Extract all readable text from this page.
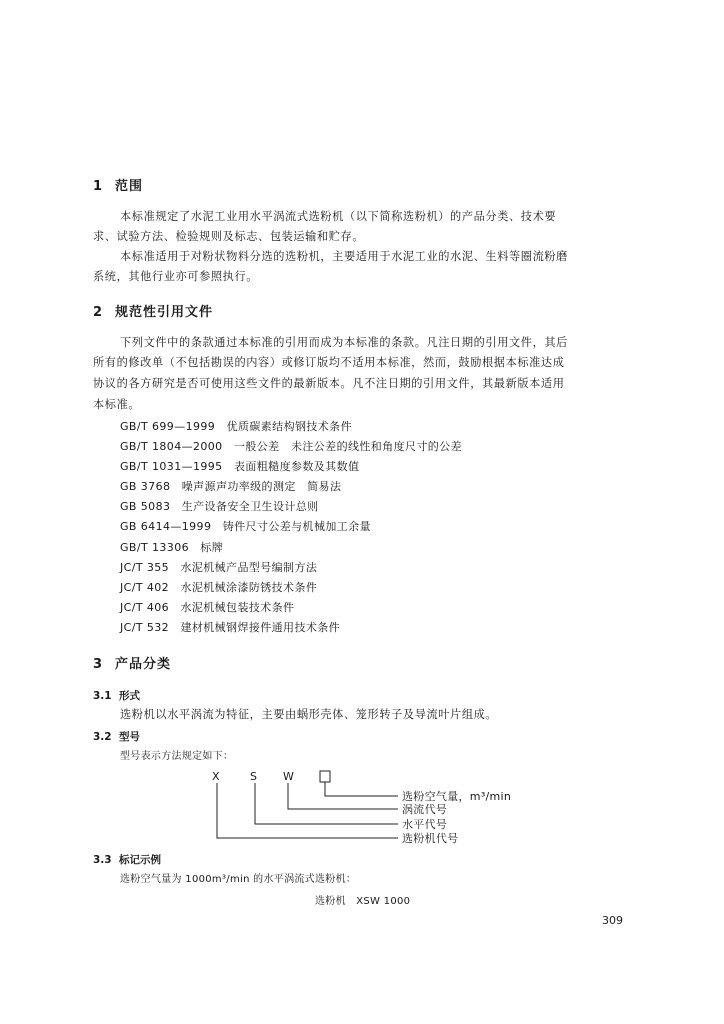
1 范围
本标准规定了水泥工业用水平涡流式选粉机（以下简称选粉机）的产品分类、技术要
求、试验方法、检验规则及标志、包装运输和贮存。
本标准适用于对粉状物料分选的选粉机，主要适用于水泥工业的水泥、生料等圈流粉磨
系统，其他行业亦可参照执行。
2 规范性引用文件
下列文件中的条款通过本标准的引用而成为本标准的条款。凡注日期的引用文件，其后
所有的修改单（不包括勘误的内容）或修订版均不适用本标准，然而，鼓励根据本标准达成
协议的各方研究是否可使用这些文件的最新版本。凡不注日期的引用文件，其最新版本适用
本标准。
GB/T 699—1999　优质碳素结构钢技术条件
GB/T 1804—2000　一般公差　未注公差的线性和角度尺寸的公差
GB/T 1031—1995　表面粗糙度参数及其数值
GB 3768　噪声源声功率级的测定　简易法
GB 5083　生产设备安全卫生设计总则
GB 6414—1999　铸件尺寸公差与机械加工余量
GB/T 13306　标牌
JC/T 355　水泥机械产品型号编制方法
JC/T 402　水泥机械涂漆防锈技术条件
JC/T 406　水泥机械包装技术条件
JC/T 532　建材机械钢焊接件通用技术条件
3 产品分类
3.1 形式
选粉机以水平涡流为特征，主要由蜗形壳体、笼形转子及导流叶片组成。
3.2 型号
型号表示方法规定如下：
X	S W
选粉空气量，m³/min
涡流代号
水平代号
选粉机代号
3.3 标记示例
选粉空气量为 1000m³/min 的水平涡流式选粉机：
选粉机　XSW 1000
309
